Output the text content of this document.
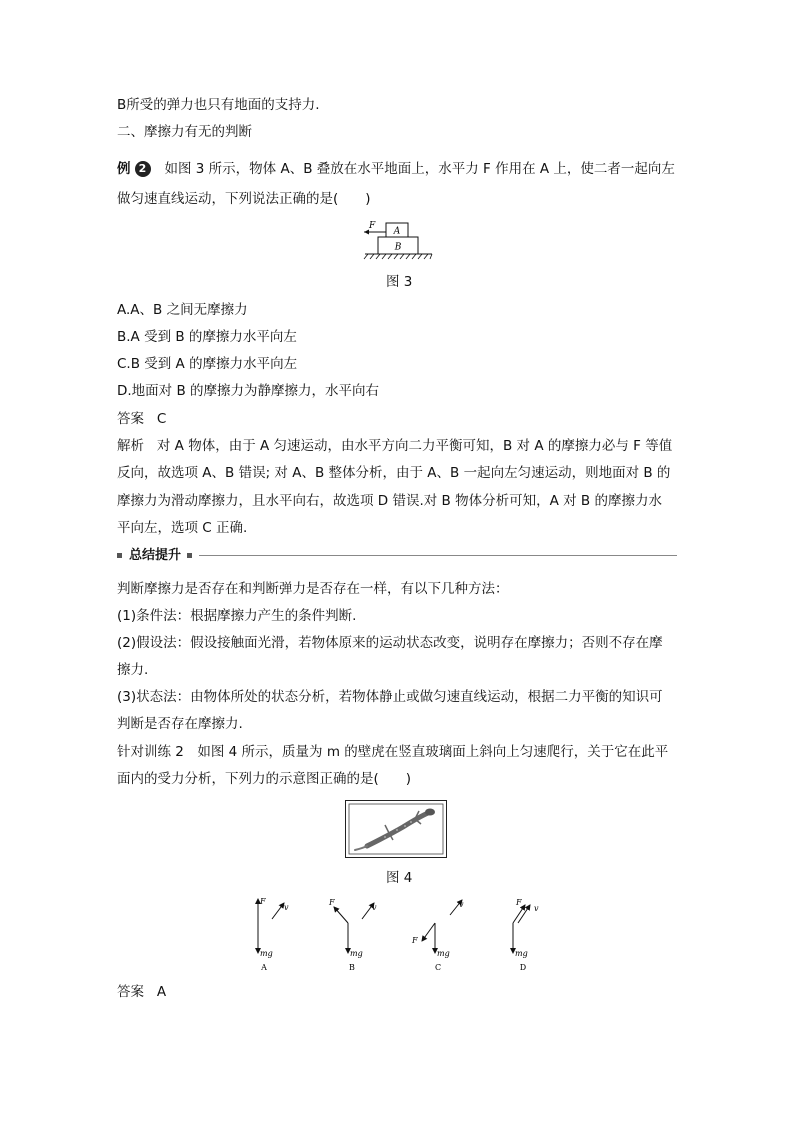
B所受的弹力也只有地面的支持力.
二、摩擦力有无的判断
例 2 如图 3 所示，物体 A、B 叠放在水平地面上，水平力 F 作用在 A 上，使二者一起向左
做匀速直线运动，下列说法正确的是(　　)
F
A
B
图 3
A.A、B 之间无摩擦力
B.A 受到 B 的摩擦力水平向左
C.B 受到 A 的摩擦力水平向左
D.地面对 B 的摩擦力为静摩擦力，水平向右
答案 C
解析 对 A 物体，由于 A 匀速运动，由水平方向二力平衡可知，B 对 A 的摩擦力必与 F 等值
反向，故选项 A、B 错误; 对 A、B 整体分析，由于 A、B 一起向左匀速运动，则地面对 B 的
摩擦力为滑动摩擦力，且水平向右，故选项 D 错误.对 B 物体分析可知，A 对 B 的摩擦力水
平向左，选项 C 正确.
总结提升
判断摩擦力是否存在和判断弹力是否存在一样，有以下几种方法：
(1)条件法：根据摩擦力产生的条件判断.
(2)假设法：假设接触面光滑，若物体原来的运动状态改变，说明存在摩擦力；否则不存在摩
擦力.
(3)状态法：由物体所处的状态分析，若物体静止或做匀速直线运动，根据二力平衡的知识可
判断是否存在摩擦力.
针对训练 2　如图 4 所示，质量为 m 的壁虎在竖直玻璃面上斜向上匀速爬行，关于它在此平
面内的受力分析，下列力的示意图正确的是(　　)
图 4
F
v
mg
A
F
v
mg
B
F
v
mg
C
F
v
mg
D
答案 A
